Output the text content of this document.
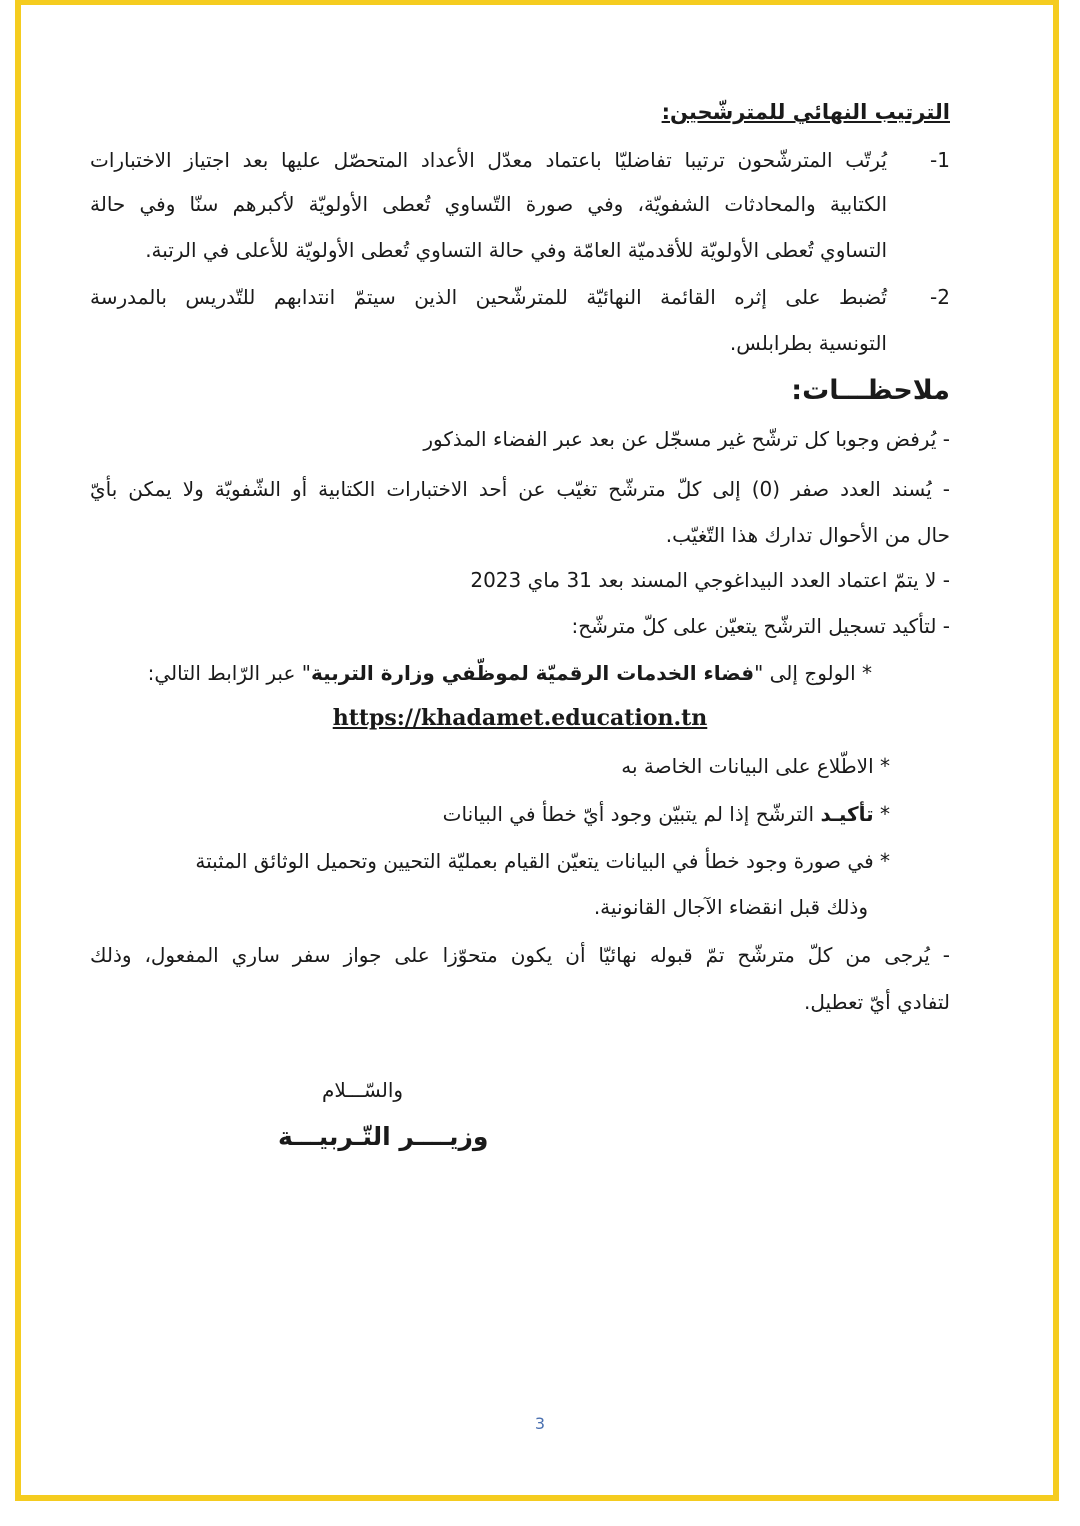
الترتيب النهائي للمترشّحين:
1-
يُرتّب المترشّحون ترتيبا تفاضليّا باعتماد معدّل الأعداد المتحصّل عليها بعد اجتياز الاختبارات
الكتابية والمحادثات الشفويّة، وفي صورة التّساوي تُعطى الأولويّة لأكبرهم سنّا وفي حالة
التساوي تُعطى الأولويّة للأقدميّة العامّة وفي حالة التساوي تُعطى الأولويّة للأعلى في الرتبة.
2-
تُضبط على إثره القائمة النهائيّة للمترشّحين الذين سيتمّ انتدابهم للتّدريس بالمدرسة
التونسية بطرابلس.
ملاحظـــات:
- يُرفض وجوبا كل ترشّح غير مسجّل عن بعد عبر الفضاء المذكور
- يُسند العدد صفر (0) إلى كلّ مترشّح تغيّب عن أحد الاختبارات الكتابية أو الشّفويّة ولا يمكن بأيّ
حال من الأحوال تدارك هذا التّغيّب.
- لا يتمّ اعتماد العدد البيداغوجي المسند بعد 31 ماي 2023
- لتأكيد تسجيل الترشّح يتعيّن على كلّ مترشّح:
* الولوج إلى "فضاء الخدمات الرقميّة لموظّفي وزارة التربية" عبر الرّابط التالي:
https://khadamet.education.tn
* الاطّلاع على البيانات الخاصة به
* تأكيـد الترشّح إذا لم يتبيّن وجود أيّ خطأ في البيانات
* في صورة وجود خطأ في البيانات يتعيّن القيام بعمليّة التحيين وتحميل الوثائق المثبتة
وذلك قبل انقضاء الآجال القانونية.
- يُرجى من كلّ مترشّح تمّ قبوله نهائيّا أن يكون متحوّزا على جواز سفر ساري المفعول، وذلك
لتفادي أيّ تعطيل.
والسّـــلام
وزيــــر التّـربيـــة
3
